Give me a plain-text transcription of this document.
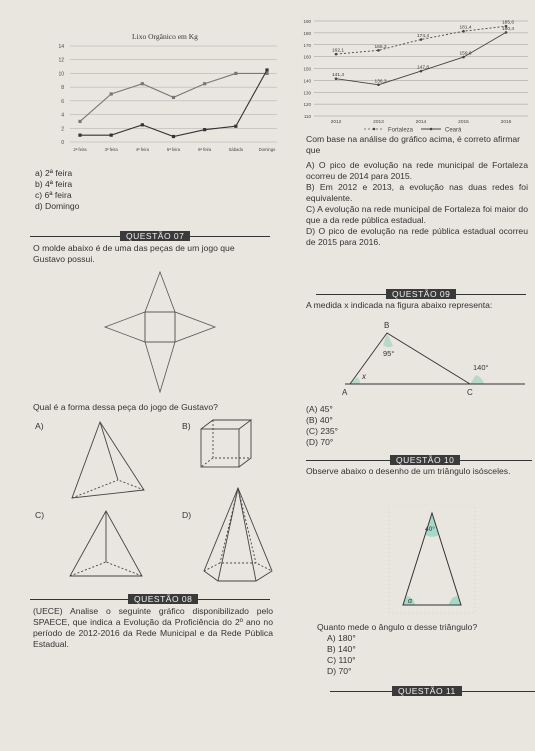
Lixo Orgânico em Kg
14
12
10
8
6
4
2
0
2ª feira	3ª feira	4ª feira	5ª feira	6ª feira	Sábado	Domingo
a) 2ª feira
b) 4ª feira
c) 6ª feira
d) Domingo
QUESTÃO 07
O molde abaixo é de uma das peças de um jogo que Gustavo possui.
Qual é a forma dessa peça do jogo de Gustavo?
A)	B)
C)	D)
QUESTÃO 08
(UECE) Analise o seguinte gráfico disponibilizado pelo SPAECE, que indica a Evolução da Proficiência do 2º ano no período de 2012-2016 da Rede Municipal e da Rede Pública Estadual.
110
120
130
140
150
160
170
180
190
2012	2013	2014	2015	2016
162,1
165,3
174,4
181,4
185,6
141,4
136,3
147,8
159,6
180,4
Fortaleza	Ceará
Com base na análise do gráfico acima, é correto afirmar que
A) O pico de evolução na rede municipal de Fortaleza ocorreu de 2014 para 2015.
B) Em 2012 e 2013, a evolução nas duas redes foi equivalente.
C) A evolução na rede municipal de Fortaleza foi maior do que a da rede pública estadual.
D) O pico de evolução na rede pública estadual ocorreu de 2015 para 2016.
QUESTÃO 09
A medida x indicada na figura abaixo representa:
B
A	C
95°
140°
x
(A) 45°
(B) 40°
(C) 235°
(D) 70°
QUESTÃO 10
Observe abaixo o desenho de um triângulo isósceles.
40°
α
Quanto mede o ângulo α desse triângulo?
A) 180°
B) 140°
C) 110°
D) 70°
QUESTÃO 11
